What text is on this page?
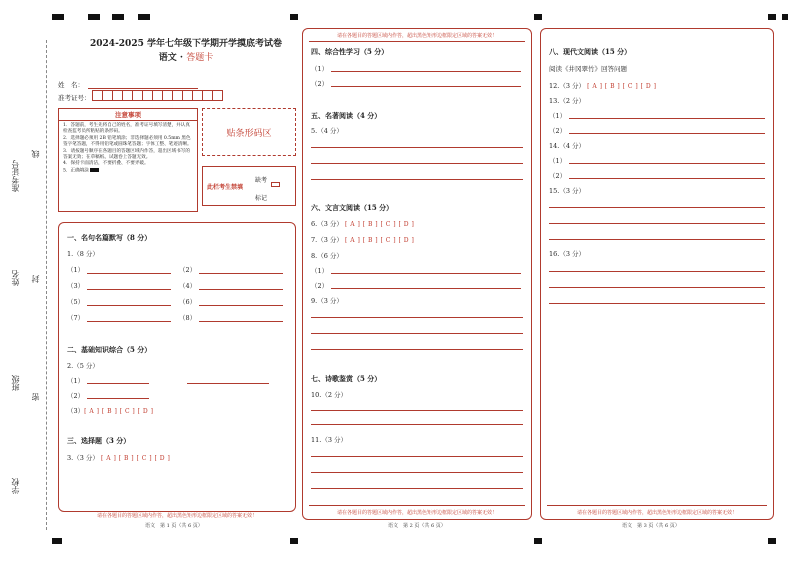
准考证号
线
姓名 封
班级
密
学校
2024-2025 学年七年级下学期开学摸底考试卷
语文 · 答题卡
姓　名：
准考证号：
注意事项
1．答题前，考生先将自己的姓名，准考证号填写清楚，并认真检查监考员所粘贴的条形码。
2．选择题必须用 2B 铅笔填涂；非选择题必须用 0.5mm 黑色签字笔答题，不得用铅笔或圆珠笔答题；字体工整、笔迹清晰。
3．请按题号顺序在各题目的答题区域内作答，超出区域书写的答案无效；在草稿纸、试题卷上答题无效。
4．保持卡面清洁，不要折叠、不要弄破。
5．正确填涂
贴条形码区
此栏考生禁填
缺考
标记
一、名句名篇默写（8 分）
1.（8 分）
（1）	（2）
（3）	（4）
（5）	（6）
（7）	（8）
二、基础知识综合（5 分）
2.（5 分）
（1）
（2）
（3）[ A ] [ B ] [ C ] [ D ]
三、选择题（3 分）
3.（3 分） [ A ] [ B ] [ C ] [ D ]
请在各题目的答题区域内作答，超出黑色矩形边框限定区域的答案无效！
语文　第 1 页（共 6 页）
请在各题目的答题区域内作答，超出黑色矩形边框限定区域的答案无效！
四、综合性学习（5 分）
（1）
（2）
五、名著阅读（4 分）
5.（4 分）
六、文言文阅读（15 分）
6.（3 分） [ A ] [ B ] [ C ] [ D ]
7.（3 分） [ A ] [ B ] [ C ] [ D ]
8.（6 分）
（1）
（2）
9.（3 分）
七、诗歌鉴赏（5 分）
10.（2 分）
11.（3 分）
请在各题目的答题区域内作答，超出黑色矩形边框限定区域的答案无效！
语文　第 2 页（共 6 页）
八、现代文阅读（15 分）
阅读《井冈翠竹》回答问题
12.（3 分） [ A ] [ B ] [ C ] [ D ]
13.（2 分）
（1）
（2）
14.（4 分）
（1）
（2）
15.（3 分）
16.（3 分）
请在各题目的答题区域内作答，超出黑色矩形边框限定区域的答案无效！
语文　第 3 页（共 6 页）
